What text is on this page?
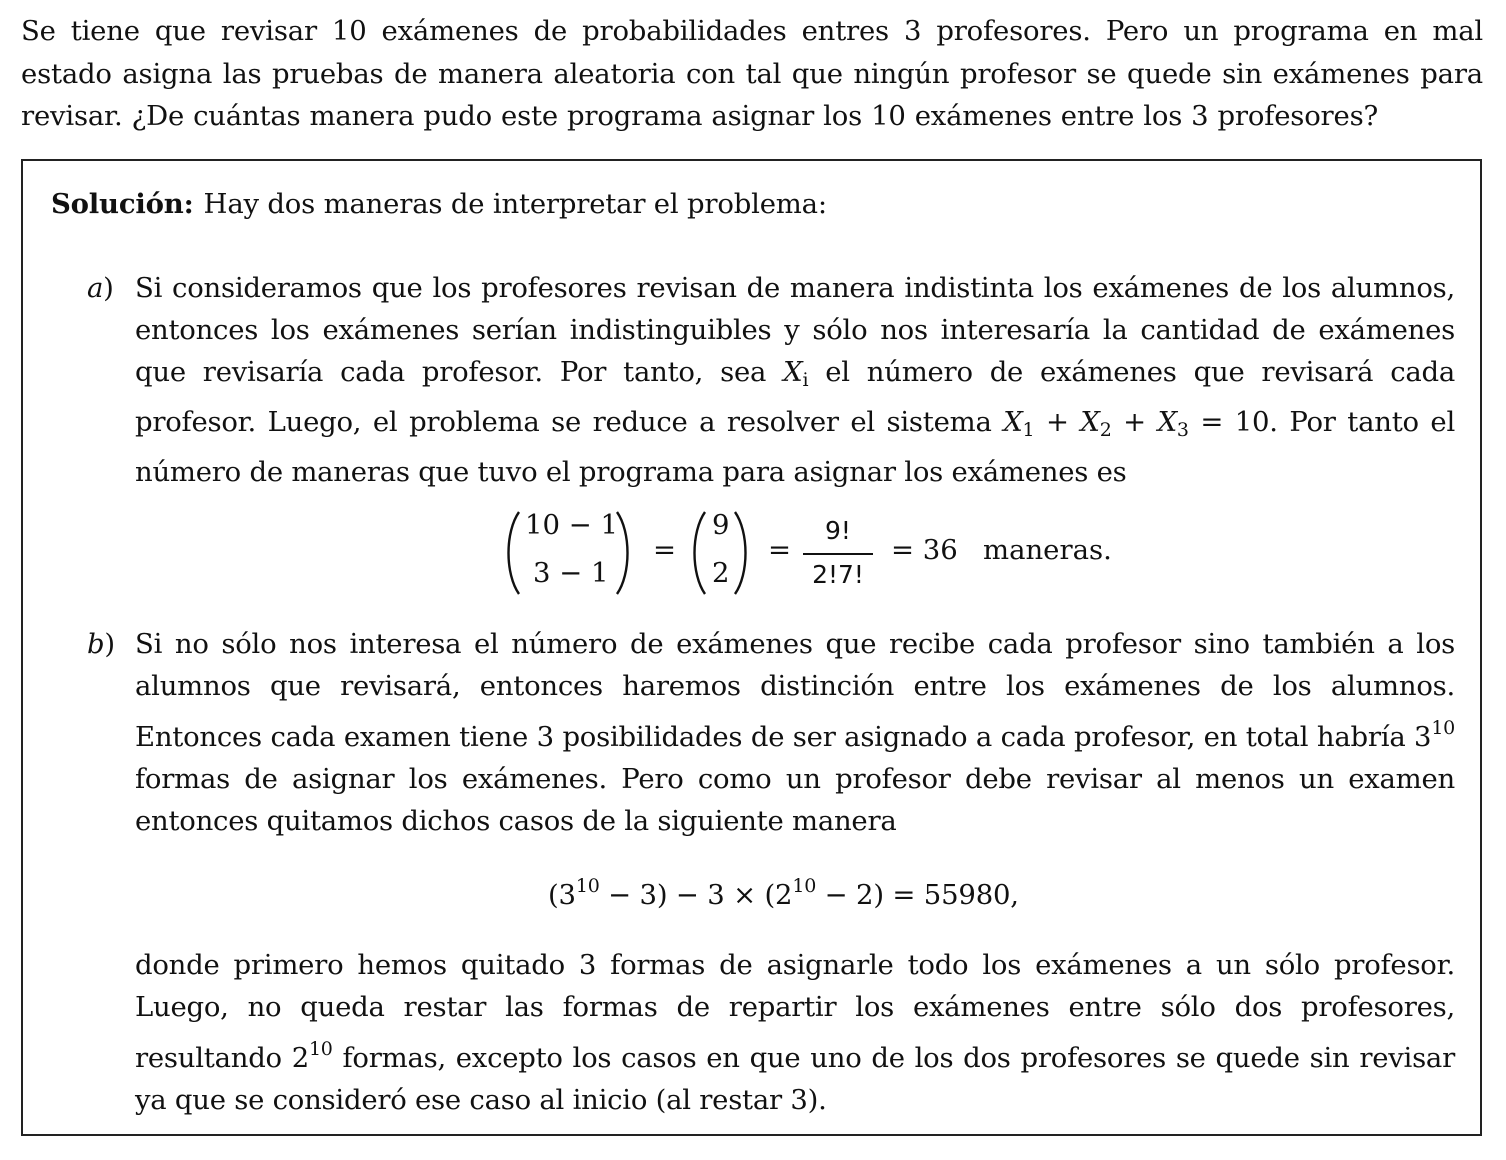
Se tiene que revisar 10 exámenes de probabilidades entres 3 profesores. Pero un programa en mal estado asigna las pruebas de manera aleatoria con tal que ningún profesor se quede sin exámenes para revisar. ¿De cuántas manera pudo este programa asignar los 10 exámenes entre los 3 profesores?

Solución: Hay dos maneras de interpretar el problema:

a) Si consideramos que los profesores revisan de manera indistinta los exámenes de los alumnos, entonces los exámenes serían indistinguibles y sólo nos interesaría la cantidad de exámenes que revisaría cada profesor. Por tanto, sea Xi el número de exámenes que revisará cada profesor. Luego, el problema se reduce a resolver el sistema X1 + X2 + X3 = 10. Por tanto el número de maneras que tuvo el programa para asignar los exámenes es

10 − 1
3 − 1
=
9
2
=
9!
2!7!
= 36 maneras.
b) Si no sólo nos interesa el número de exámenes que recibe cada profesor sino también a los alumnos que revisará, entonces haremos distinción entre los exámenes de los alumnos. Entonces cada examen tiene 3 posibilidades de ser asignado a cada profesor, en total habría $3^{10}$ formas de asignar los exámenes. Pero como un profesor debe revisar al menos un examen entonces quitamos dichos casos de la siguiente manera

$(3^{10} - 3) - 3 \times (2^{10} - 2) = 55980$,

donde primero hemos quitado 3 formas de asignarle todo los exámenes a un sólo profesor. Luego, no queda restar las formas de repartir los exámenes entre sólo dos profesores, resultando $2^{10}$ formas, excepto los casos en que uno de los dos profesores se quede sin revisar ya que se consideró ese caso al inicio (al restar 3).
